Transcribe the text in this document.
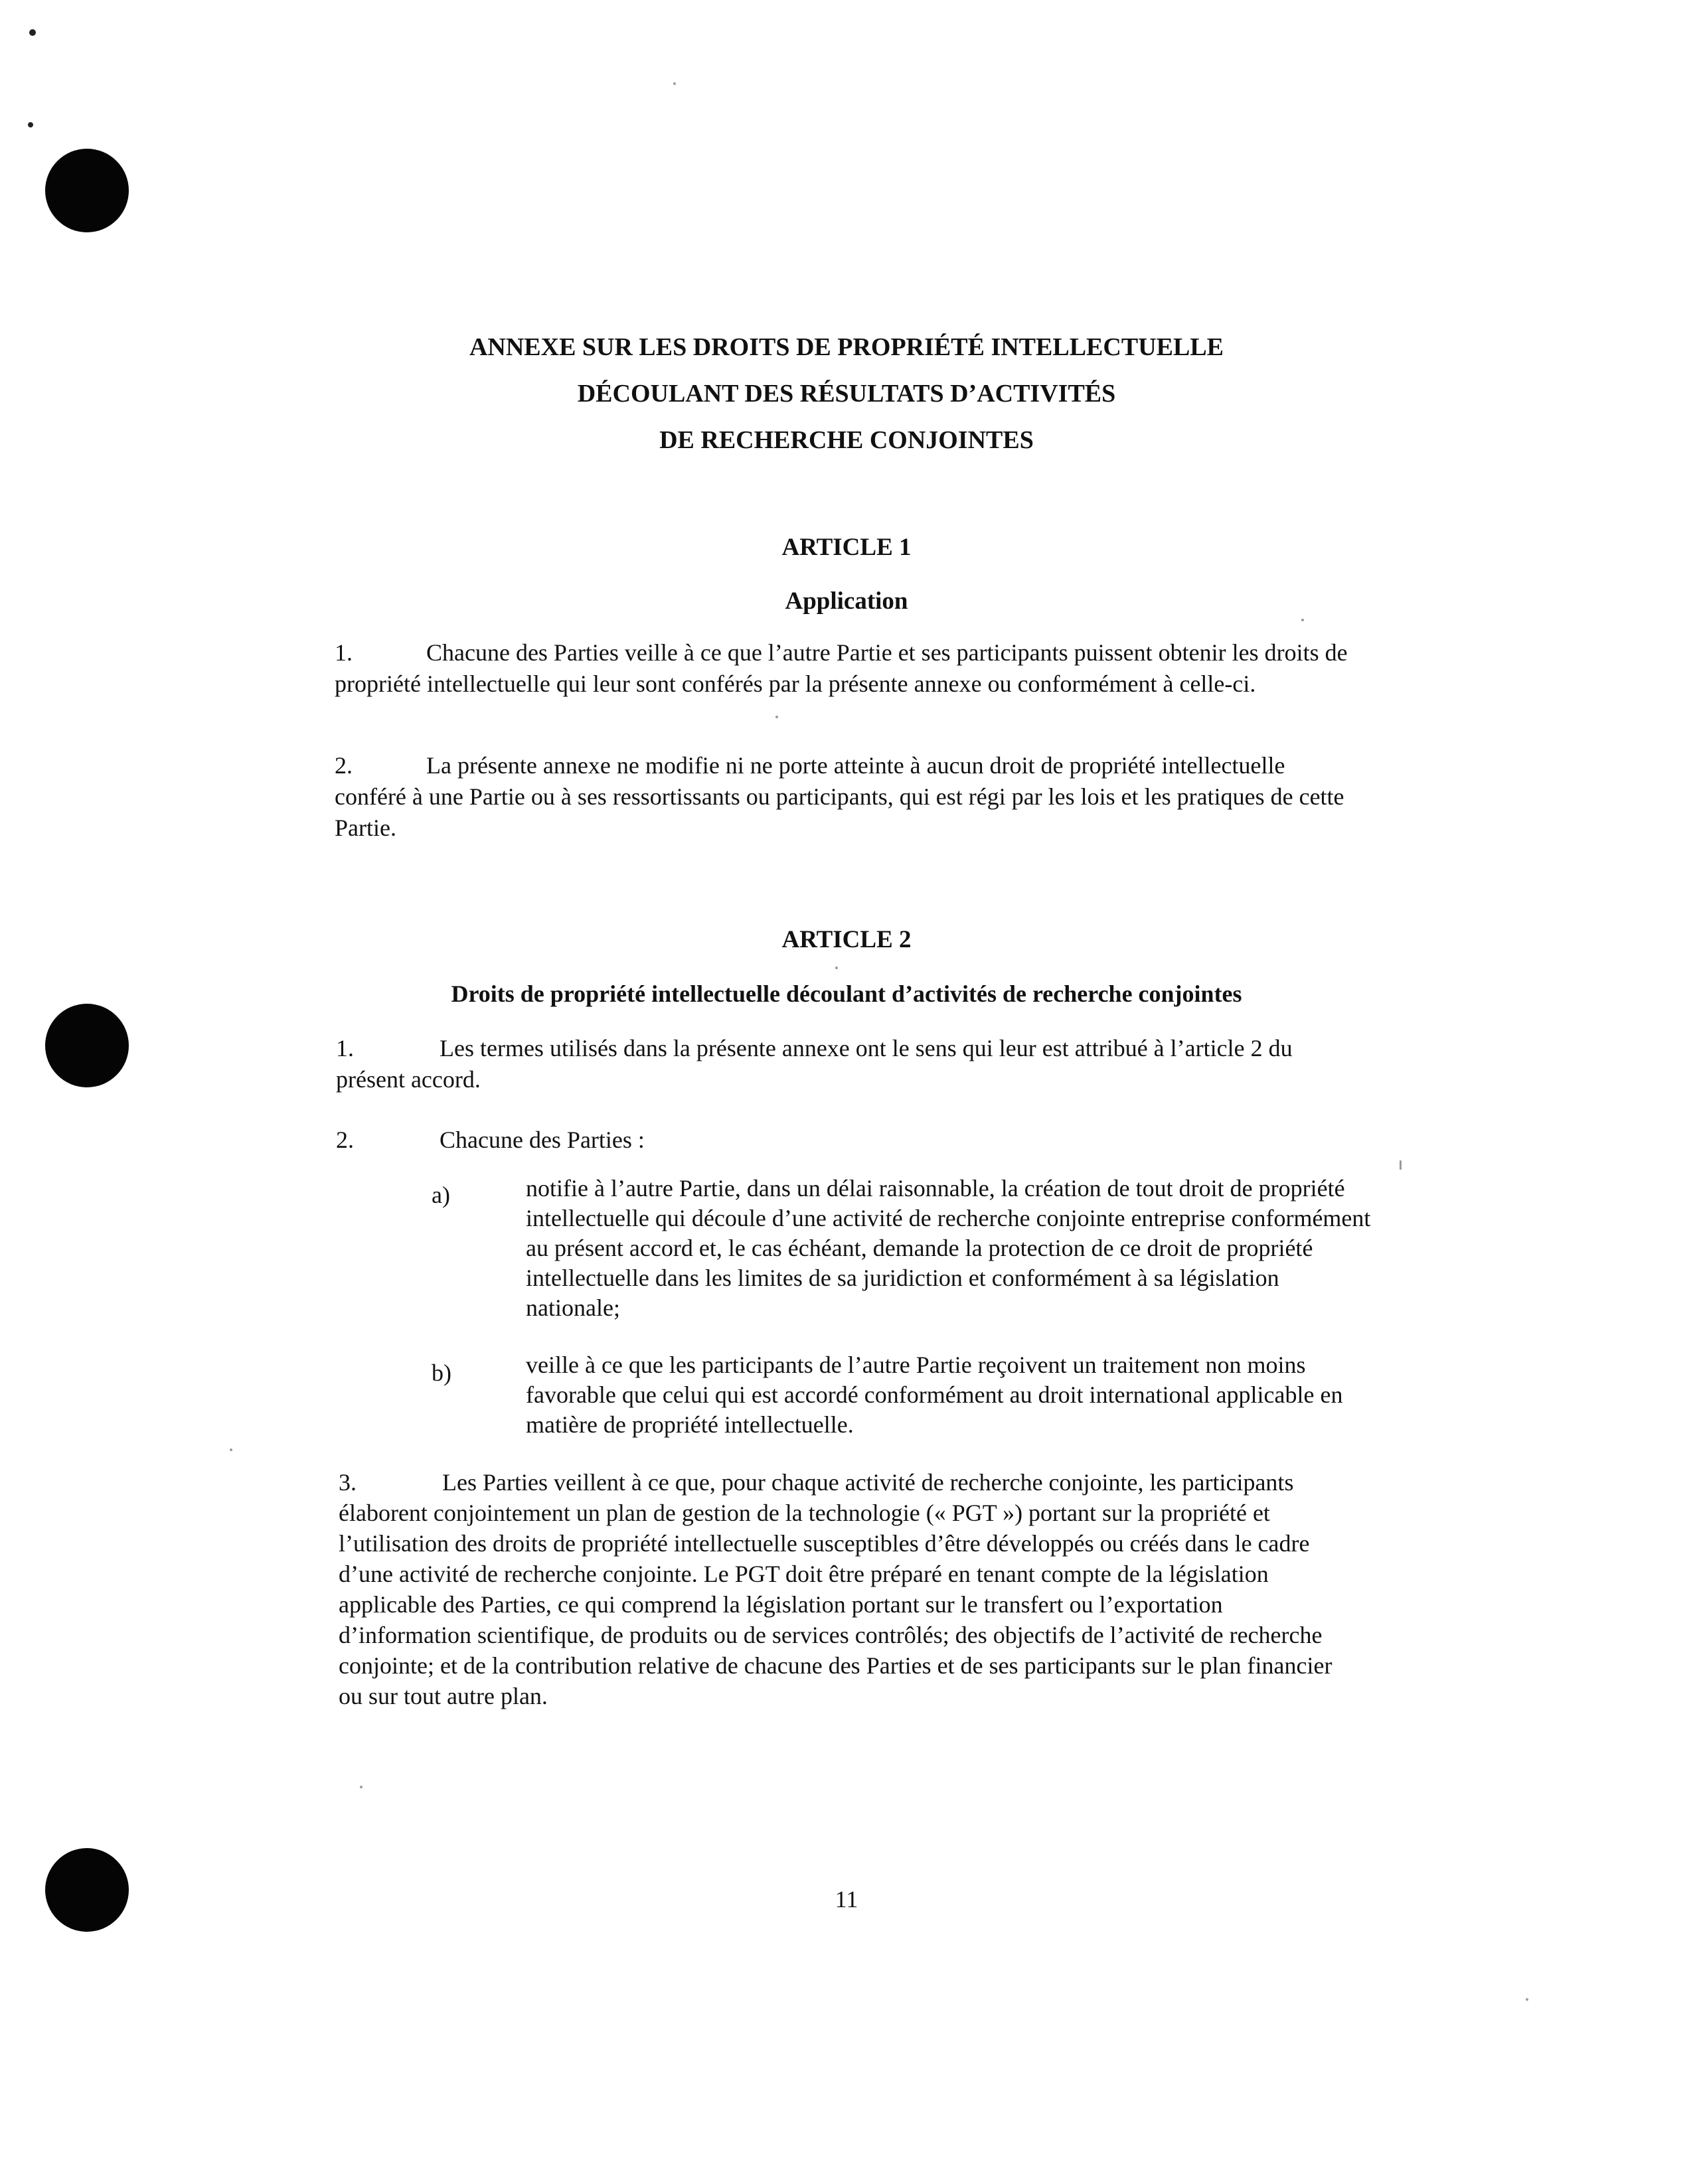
ANNEXE SUR LES DROITS DE PROPRIÉTÉ INTELLECTUELLE
DÉCOULANT DES RÉSULTATS D’ACTIVITÉS
DE RECHERCHE CONJOINTES
ARTICLE 1
Application
1.	Chacune des Parties veille à ce que l’autre Partie et ses participants puissent obtenir les droits de propriété intellectuelle qui leur sont conférés par la présente annexe ou conformément à celle-ci.
2.	La présente annexe ne modifie ni ne porte atteinte à aucun droit de propriété intellectuelle conféré à une Partie ou à ses ressortissants ou participants, qui est régi par les lois et les pratiques de cette Partie.
ARTICLE 2
Droits de propriété intellectuelle découlant d’activités de recherche conjointes
1.	Les termes utilisés dans la présente annexe ont le sens qui leur est attribué à l’article 2 du présent accord.
2.	Chacune des Parties :
a)	notifie à l’autre Partie, dans un délai raisonnable, la création de tout droit de propriété intellectuelle qui découle d’une activité de recherche conjointe entreprise conformément au présent accord et, le cas échéant, demande la protection de ce droit de propriété intellectuelle dans les limites de sa juridiction et conformément à sa législation nationale;
b)	veille à ce que les participants de l’autre Partie reçoivent un traitement non moins favorable que celui qui est accordé conformément au droit international applicable en matière de propriété intellectuelle.
3.	Les Parties veillent à ce que, pour chaque activité de recherche conjointe, les participants élaborent conjointement un plan de gestion de la technologie (« PGT ») portant sur la propriété et l’utilisation des droits de propriété intellectuelle susceptibles d’être développés ou créés dans le cadre d’une activité de recherche conjointe. Le PGT doit être préparé en tenant compte de la législation applicable des Parties, ce qui comprend la législation portant sur le transfert ou l’exportation d’information scientifique, de produits ou de services contrôlés; des objectifs de l’activité de recherche conjointe; et de la contribution relative de chacune des Parties et de ses participants sur le plan financier ou sur tout autre plan.
11
